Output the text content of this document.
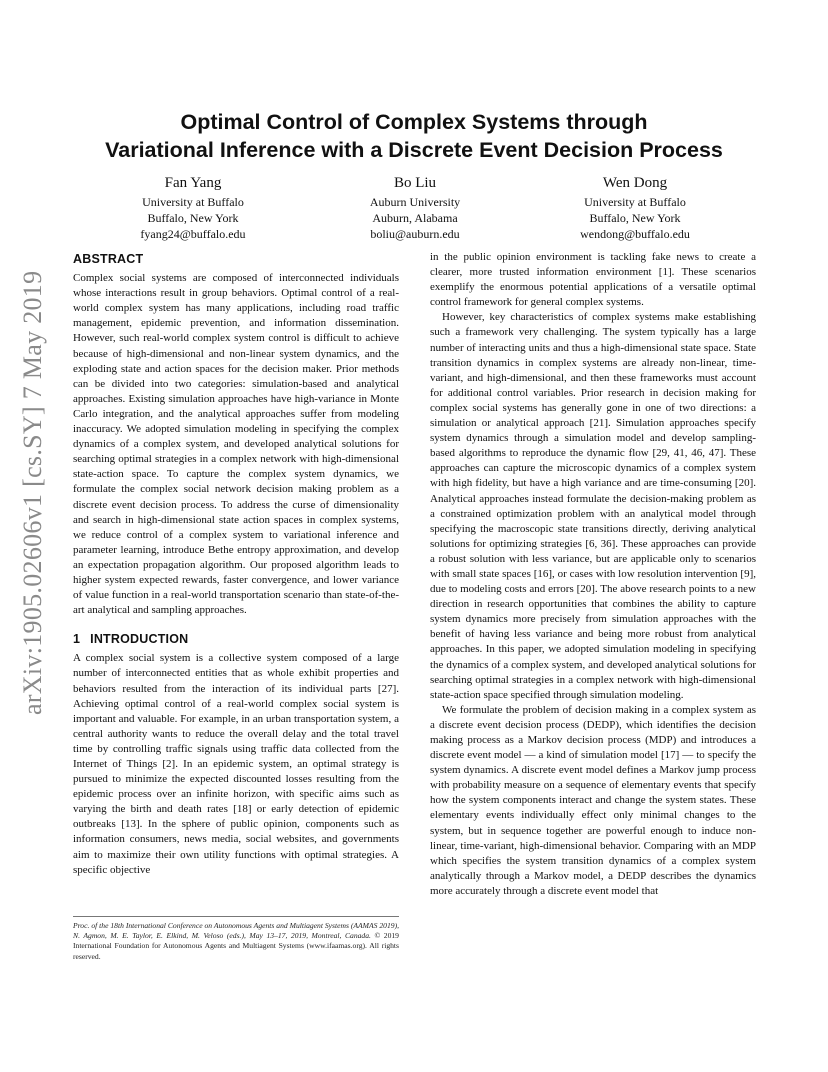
arXiv:1905.02606v1 [cs.SY] 7 May 2019
Optimal Control of Complex Systems through
Variational Inference with a Discrete Event Decision Process
Fan Yang
University at Buffalo
Buffalo, New York
fyang24@buffalo.edu
Bo Liu
Auburn University
Auburn, Alabama
boliu@auburn.edu
Wen Dong
University at Buffalo
Buffalo, New York
wendong@buffalo.edu
ABSTRACT

Complex social systems are composed of interconnected individuals whose interactions result in group behaviors. Optimal control of a real-world complex system has many applications, including road traffic management, epidemic prevention, and information dissemination. However, such real-world complex system control is difficult to achieve because of high-dimensional and non-linear system dynamics, and the exploding state and action spaces for the decision maker. Prior methods can be divided into two categories: simulation-based and analytical approaches. Existing simulation approaches have high-variance in Monte Carlo integration, and the analytical approaches suffer from modeling inaccuracy. We adopted simulation modeling in specifying the complex dynamics of a complex system, and developed analytical solutions for searching optimal strategies in a complex network with high-dimensional state-action space. To capture the complex system dynamics, we formulate the complex social network decision making problem as a discrete event decision process. To address the curse of dimensionality and search in high-dimensional state action spaces in complex systems, we reduce control of a complex system to variational inference and parameter learning, introduce Bethe entropy approximation, and develop an expectation propagation algorithm. Our proposed algorithm leads to higher system expected rewards, faster convergence, and lower variance of value function in a real-world transportation scenario than state-of-the-art analytical and sampling approaches.

1 INTRODUCTION

A complex social system is a collective system composed of a large number of interconnected entities that as whole exhibit properties and behaviors resulted from the interaction of its individual parts [27]. Achieving optimal control of a real-world complex social system is important and valuable. For example, in an urban transportation system, a central authority wants to reduce the overall delay and the total travel time by controlling traffic signals using traffic data collected from the Internet of Things [2]. In an epidemic system, an optimal strategy is pursued to minimize the expected discounted losses resulting from the epidemic process over an infinite horizon, with specific aims such as varying the birth and death rates [18] or early detection of epidemic outbreaks [13]. In the sphere of public opinion, components such as information consumers, news media, social websites, and governments aim to maximize their own utility functions with optimal strategies. A specific objective

in the public opinion environment is tackling fake news to create a clearer, more trusted information environment [1]. These scenarios exemplify the enormous potential applications of a versatile optimal control framework for general complex systems.

However, key characteristics of complex systems make establishing such a framework very challenging. The system typically has a large number of interacting units and thus a high-dimensional state space. State transition dynamics in complex systems are already non-linear, time-variant, and high-dimensional, and then these frameworks must account for additional control variables. Prior research in decision making for complex social systems has generally gone in one of two directions: a simulation or analytical approach [21]. Simulation approaches specify system dynamics through a simulation model and develop sampling-based algorithms to reproduce the dynamic flow [29, 41, 46, 47]. These approaches can capture the microscopic dynamics of a complex system with high fidelity, but have a high variance and are time-consuming [20]. Analytical approaches instead formulate the decision-making problem as a constrained optimization problem with an analytical model through specifying the macroscopic state transitions directly, deriving analytical solutions for optimizing strategies [6, 36]. These approaches can provide a robust solution with less variance, but are applicable only to scenarios with small state spaces [16], or cases with low resolution intervention [9], due to modeling costs and errors [20]. The above research points to a new direction in research opportunities that combines the ability to capture system dynamics more precisely from simulation approaches with the benefit of having less variance and being more robust from analytical approaches. In this paper, we adopted simulation modeling in specifying the dynamics of a complex system, and developed analytical solutions for searching optimal strategies in a complex network with high-dimensional state-action space specified through simulation modeling.

We formulate the problem of decision making in a complex system as a discrete event decision process (DEDP), which identifies the decision making process as a Markov decision process (MDP) and introduces a discrete event model — a kind of simulation model [17] — to specify the system dynamics. A discrete event model defines a Markov jump process with probability measure on a sequence of elementary events that specify how the system components interact and change the system states. These elementary events individually effect only minimal changes to the system, but in sequence together are powerful enough to induce non-linear, time-variant, high-dimensional behavior. Comparing with an MDP which specifies the system transition dynamics of a complex system analytically through a Markov model, a DEDP describes the dynamics more accurately through a discrete event model that

Proc. of the 18th International Conference on Autonomous Agents and Multiagent Systems (AAMAS 2019), N. Agmon, M. E. Taylor, E. Elkind, M. Veloso (eds.), May 13–17, 2019, Montreal, Canada. © 2019 International Foundation for Autonomous Agents and Multiagent Systems (www.ifaamas.org). All rights reserved.
